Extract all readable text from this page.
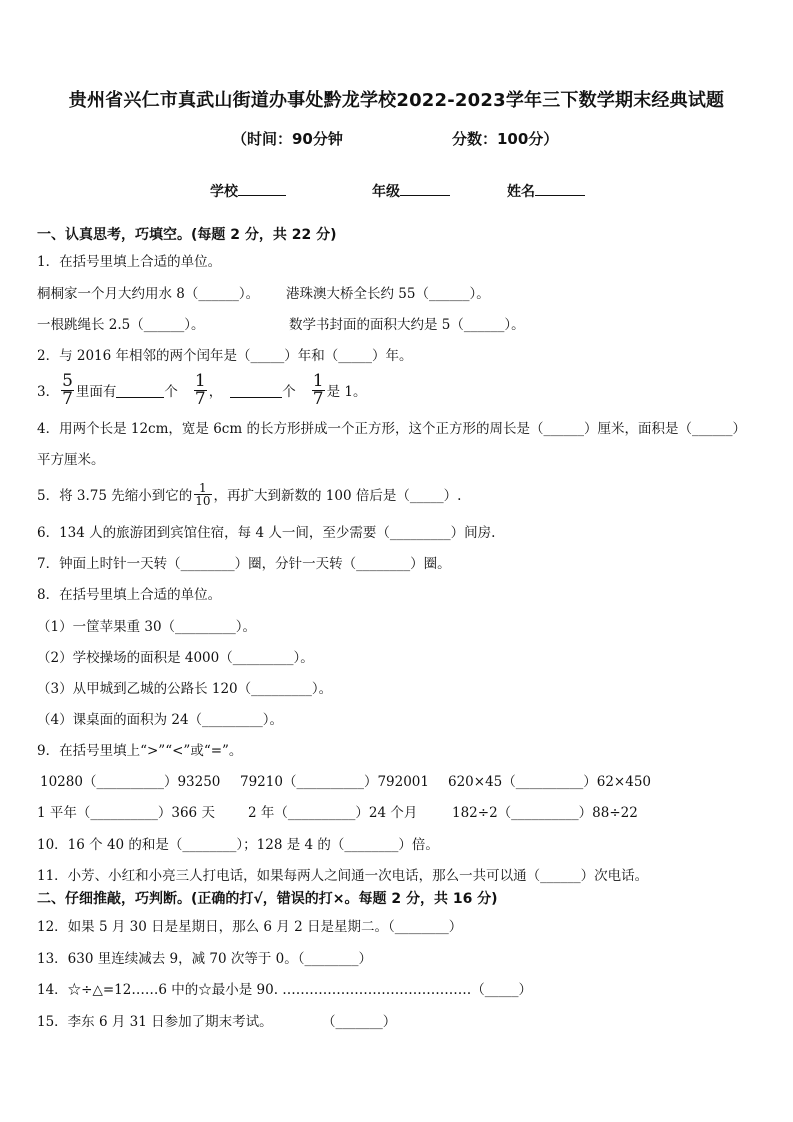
贵州省兴仁市真武山街道办事处黔龙学校2022-2023学年三下数学期末经典试题
（时间：90分钟	分数：100分）
学校	年级	姓名
一、认真思考，巧填空。(每题 2 分，共 22 分)
1．在括号里填上合适的单位。
桐桐家一个月大约用水 8（______）。 港珠澳大桥全长约 55（______）。
一根跳绳长 2.5（______）。	数学书封面的面积大约是 5（______）。
2．与 2016 年相邻的两个闰年是（_____）年和（_____）年。
3． $\frac{5}{7}$ 里面有	个 $\frac{1}{7}$ ，	个 $\frac{1}{7}$ 是 1。
4．用两个长是 12cm，宽是 6cm 的长方形拼成一个正方形，这个正方形的周长是（______）厘米，面积是（______）
平方厘米。
5．将 3.75 先缩小到它的 $\frac{1}{10}$ ，再扩大到新数的 100 倍后是（_____）.
6．134 人的旅游团到宾馆住宿，每 4 人一间，至少需要（_________）间房.
7．钟面上时针一天转（________）圈，分针一天转（________）圈。
8．在括号里填上合适的单位。
（1）一筐苹果重 30（_________）。
（2）学校操场的面积是 4000（_________）。
（3）从甲城到乙城的公路长 120（_________）。
（4）课桌面的面积为 24（_________）。
9．在括号里填上“>”“<”或“=”。
10280（__________）93250 79210（__________）792001 620×45（__________）62×450
1 平年（__________）366 天 2 年（__________）24 个月	182÷2（__________）88÷22
10．16 个 40 的和是（________）；128 是 4 的（________）倍。
11．小芳、小红和小亮三人打电话，如果每两人之间通一次电话，那么一共可以通（______）次电话。
二、仔细推敲，巧判断。(正确的打√，错误的打×。每题 2 分，共 16 分)
12．如果 5 月 30 日是星期日，那么 6 月 2 日是星期二。（________）
13．630 里连续减去 9，减 70 次等于 0。（________）
14．☆÷△=12……6 中的☆最小是 90. ……………………………………（_____）
15．李东 6 月 31 日参加了期末考试。	（_______）
